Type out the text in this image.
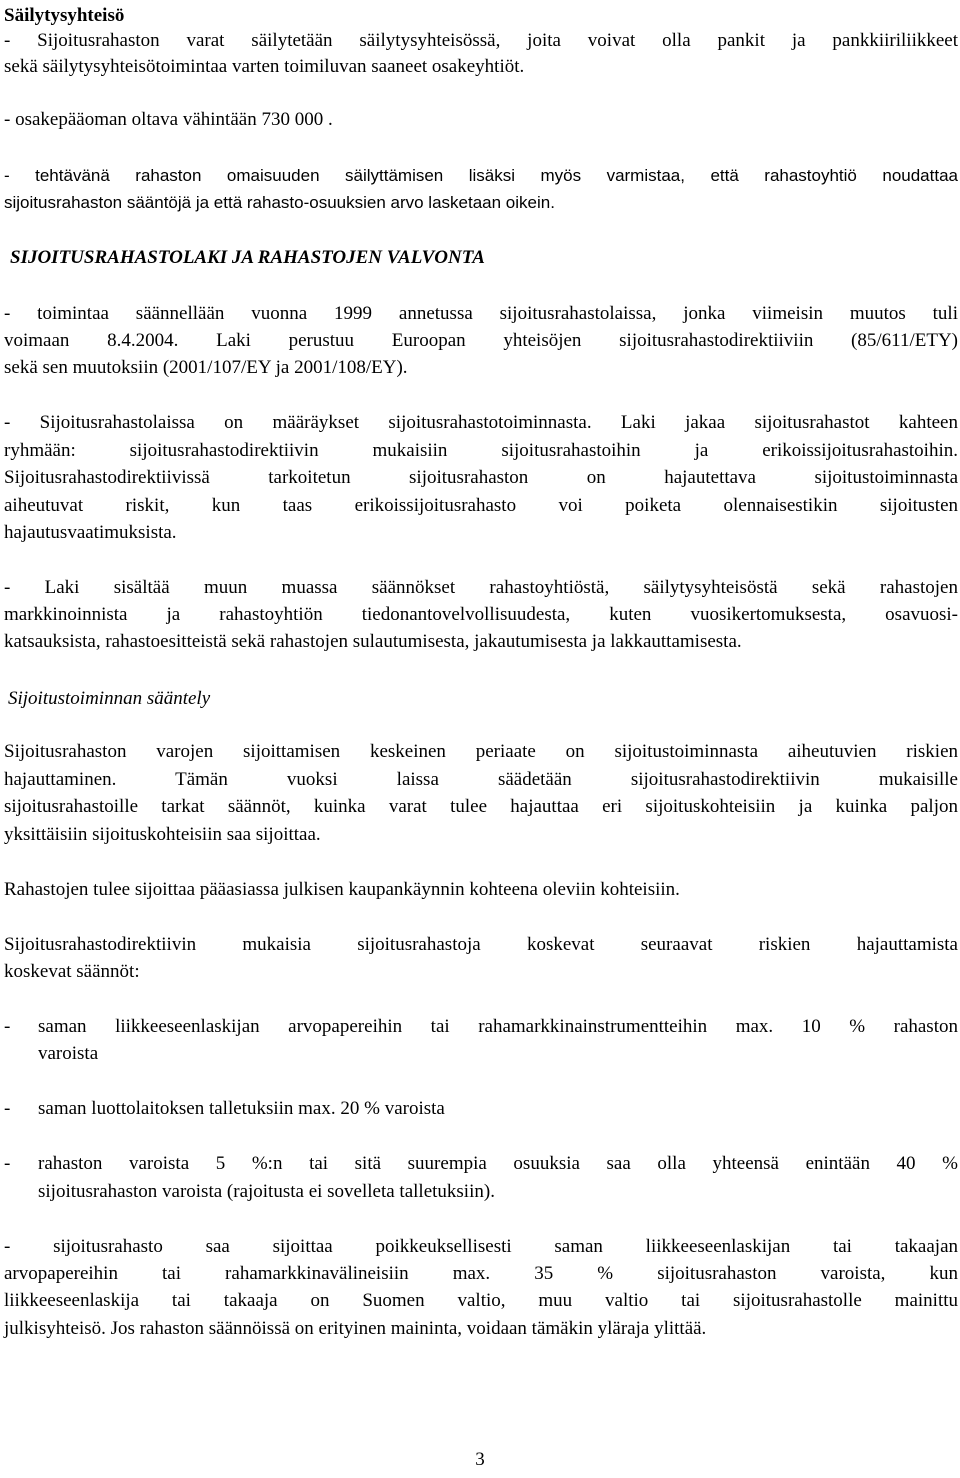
Säilytysyhteisö
- Sijoitusrahaston varat säilytetään säilytysyhteisössä, joita voivat olla pankit ja pankkiiriliikkeet
sekä säilytysyhteisötoimintaa varten toimiluvan saaneet osakeyhtiöt.
- osakepääoman oltava vähintään 730 000 .
- tehtävänä rahaston omaisuuden säilyttämisen lisäksi myös varmistaa, että rahastoyhtiö noudattaa
sijoitusrahaston sääntöjä ja että rahasto-osuuksien arvo lasketaan oikein.
SIJOITUSRAHASTOLAKI JA RAHASTOJEN VALVONTA
- toimintaa säännellään vuonna 1999 annetussa sijoitusrahastolaissa, jonka viimeisin muutos tuli
voimaan 8.4.2004. Laki perustuu Euroopan yhteisöjen sijoitusrahastodirektiiviin (85/611/ETY)
sekä sen muutoksiin (2001/107/EY ja 2001/108/EY).
- Sijoitusrahastolaissa on määräykset sijoitusrahastotoiminnasta. Laki jakaa sijoitusrahastot kahteen
ryhmään: sijoitusrahastodirektiivin mukaisiin sijoitusrahastoihin ja erikoissijoitusrahastoihin.
Sijoitusrahastodirektiivissä tarkoitetun sijoitusrahaston on hajautettava sijoitustoiminnasta
aiheutuvat riskit, kun taas erikoissijoitusrahasto voi poiketa olennaisestikin sijoitusten
hajautusvaatimuksista.
- Laki sisältää muun muassa säännökset rahastoyhtiöstä, säilytysyhteisöstä sekä rahastojen
markkinoinnista ja rahastoyhtiön tiedonantovelvollisuudesta, kuten vuosikertomuksesta, osavuosi-
katsauksista, rahastoesitteistä sekä rahastojen sulautumisesta, jakautumisesta ja lakkauttamisesta.
Sijoitustoiminnan sääntely
Sijoitusrahaston varojen sijoittamisen keskeinen periaate on sijoitustoiminnasta aiheutuvien riskien
hajauttaminen. Tämän vuoksi laissa säädetään sijoitusrahastodirektiivin mukaisille
sijoitusrahastoille tarkat säännöt, kuinka varat tulee hajauttaa eri sijoituskohteisiin ja kuinka paljon
yksittäisiin sijoituskohteisiin saa sijoittaa.
Rahastojen tulee sijoittaa pääasiassa julkisen kaupankäynnin kohteena oleviin kohteisiin.
Sijoitusrahastodirektiivin mukaisia sijoitusrahastoja koskevat seuraavat riskien hajauttamista
koskevat säännöt:
- saman liikkeeseenlaskijan arvopapereihin tai rahamarkkinainstrumentteihin max. 10 % rahaston
varoista
- saman luottolaitoksen talletuksiin max. 20 % varoista
- rahaston varoista 5 %:n tai sitä suurempia osuuksia saa olla yhteensä enintään 40 %
sijoitusrahaston varoista (rajoitusta ei sovelleta talletuksiin).
- sijoitusrahasto saa sijoittaa poikkeuksellisesti saman liikkeeseenlaskijan tai takaajan
arvopapereihin tai rahamarkkinavälineisiin max. 35 % sijoitusrahaston varoista, kun
liikkeeseenlaskija tai takaaja on Suomen valtio, muu valtio tai sijoitusrahastolle mainittu
julkisyhteisö. Jos rahaston säännöissä on erityinen maininta, voidaan tämäkin yläraja ylittää.
3
